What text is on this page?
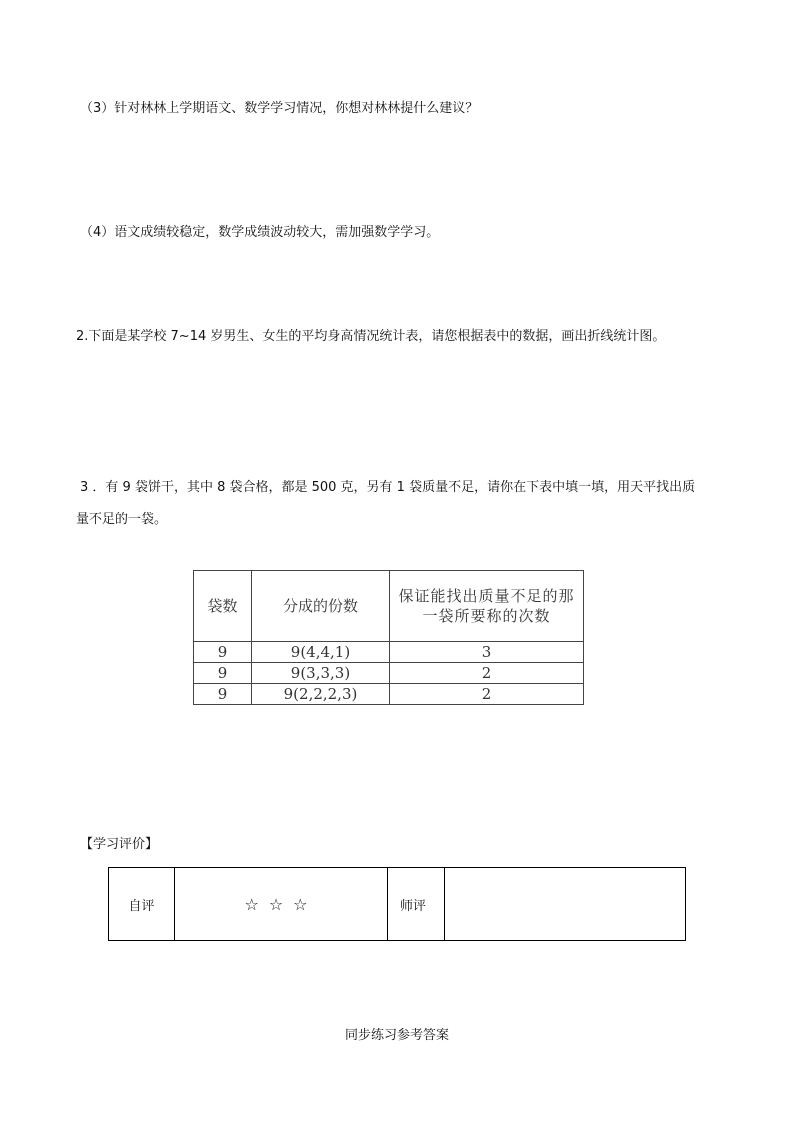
（3）针对林林上学期语文、数学学习情况，你想对林林提什么建议？
（4）语文成绩较稳定，数学成绩波动较大，需加强数学学习。
2.下面是某学校 7~14 岁男生、女生的平均身高情况统计表，请您根据表中的数据，画出折线统计图。
3 ．有 9 袋饼干，其中 8 袋合格，都是 500 克，另有 1 袋质量不足，请你在下表中填一填，用天平找出质
量不足的一袋。
袋数	分成的份数	保证能找出质量不足的那一袋所要称的次数
9	9(4,4,1)	3
9	9(3,3,3)	2
9	9(2,2,2,3)	2
【学习评价】
自评	☆☆☆	师评	
同步练习参考答案
